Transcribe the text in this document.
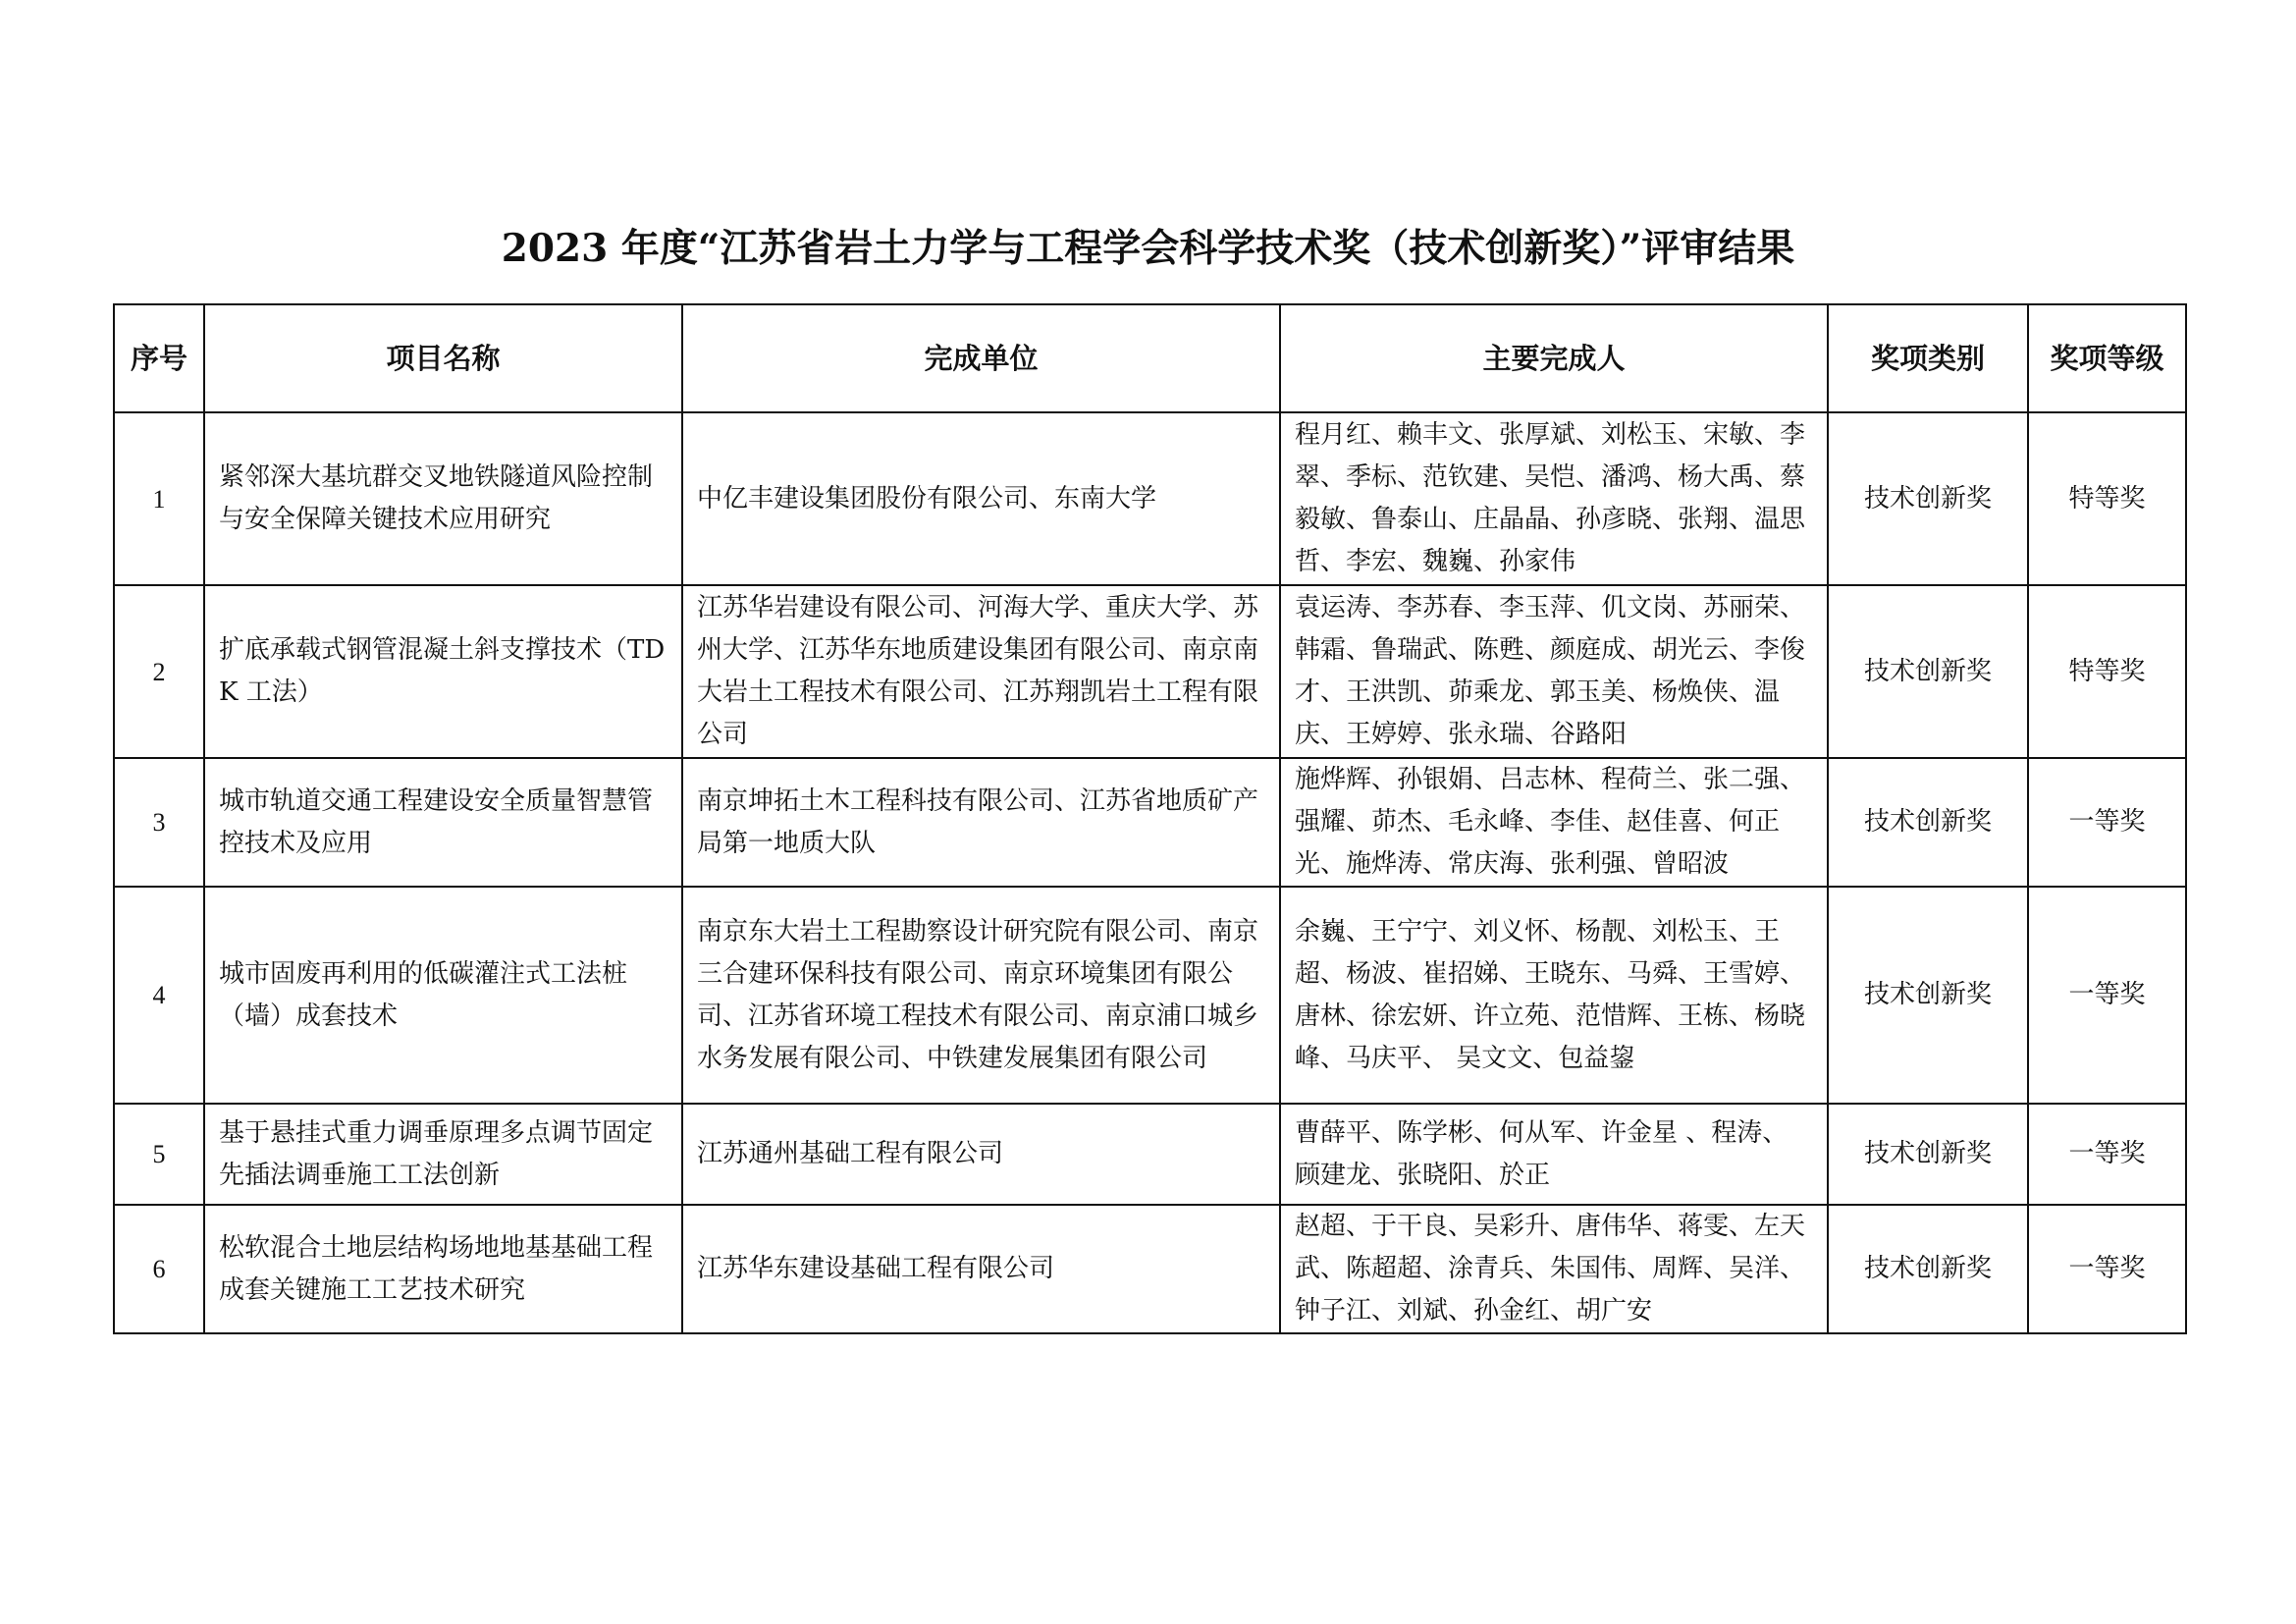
2023 年度“江苏省岩土力学与工程学会科学技术奖（技术创新奖）”评审结果
序号	项目名称	完成单位	主要完成人	奖项类别	奖项等级
1	紧邻深大基坑群交叉地铁隧道风险控制与安全保障关键技术应用研究	中亿丰建设集团股份有限公司、东南大学	程月红、赖丰文、张厚斌、刘松玉、宋敏、李翠、季标、范钦建、吴恺、潘鸿、杨大禹、蔡毅敏、鲁泰山、庄晶晶、孙彦晓、张翔、温思哲、李宏、魏巍、孙家伟	技术创新奖	特等奖
2	扩底承载式钢管混凝土斜支撑技术（TDK 工法）	江苏华岩建设有限公司、河海大学、重庆大学、苏州大学、江苏华东地质建设集团有限公司、南京南大岩土工程技术有限公司、江苏翔凯岩土工程有限公司	袁运涛、李苏春、李玉萍、仉文岗、苏丽荣、韩霜、鲁瑞武、陈甦、颜庭成、胡光云、李俊才、王洪凯、茆乘龙、郭玉美、杨焕侠、温庆、王婷婷、张永瑞、谷路阳	技术创新奖	特等奖
3	城市轨道交通工程建设安全质量智慧管控技术及应用	南京坤拓土木工程科技有限公司、江苏省地质矿产局第一地质大队	施烨辉、孙银娟、吕志林、程荷兰、张二强、强耀、茆杰、毛永峰、李佳、赵佳喜、何正光、施烨涛、常庆海、张利强、曾昭波	技术创新奖	一等奖
4	城市固废再利用的低碳灌注式工法桩（墙）成套技术	南京东大岩土工程勘察设计研究院有限公司、南京三合建环保科技有限公司、南京环境集团有限公司、江苏省环境工程技术有限公司、南京浦口城乡水务发展有限公司、中铁建发展集团有限公司	余巍、王宁宁、刘义怀、杨靓、刘松玉、王超、杨波、崔招娣、王晓东、马舜、王雪婷、唐林、徐宏妍、许立苑、范惜辉、王栋、杨晓峰、马庆平、 吴文文、包益鋆	技术创新奖	一等奖
5	基于悬挂式重力调垂原理多点调节固定先插法调垂施工工法创新	江苏通州基础工程有限公司	曹薛平、陈学彬、何从军、许金星 、程涛、顾建龙、张晓阳、於正	技术创新奖	一等奖
6	松软混合土地层结构场地地基基础工程成套关键施工工艺技术研究	江苏华东建设基础工程有限公司	赵超、于干良、吴彩升、唐伟华、蒋雯、左天武、陈超超、涂青兵、朱国伟、周辉、吴洋、钟子江、刘斌、孙金红、胡广安	技术创新奖	一等奖
